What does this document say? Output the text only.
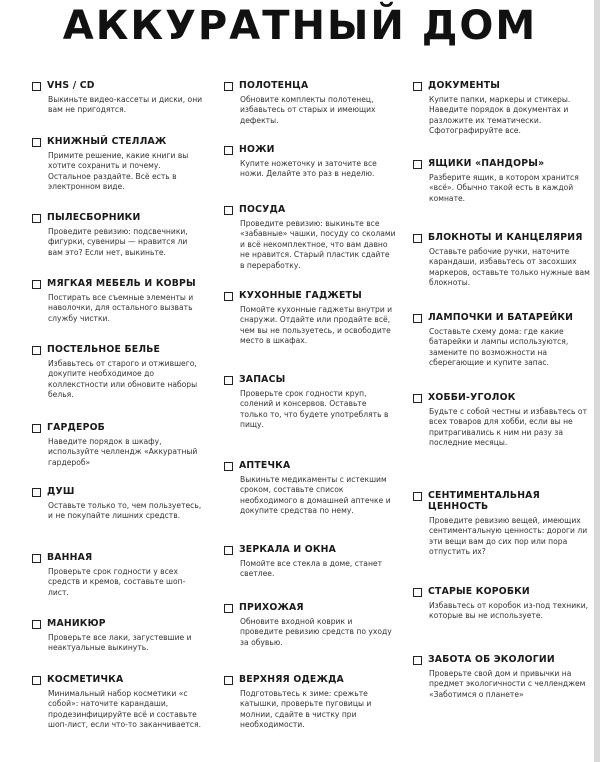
АККУРАТНЫЙ ДОМ
VHS / CD
Выкиньте видео-кассеты и диски, они вам не пригодятся.
КНИЖНЫЙ СТЕЛЛАЖ
Примите решение, какие книги вы хотите сохранить и почему. Остальное раздайте. Всё есть в электронном виде.
ПЫЛЕСБОРНИКИ
Проведите ревизию: подсвечники, фигурки, сувениры — нравится ли вам это? Если нет, выкиньте.
МЯГКАЯ МЕБЕЛЬ И КОВРЫ
Постирать все съемные элементы и наволочки, для остального вызвать службу чистки.
ПОСТЕЛЬНОЕ БЕЛЬЕ
Избавьтесь от старого и отжившего, докупите необходимое до коллекстности или обновите наборы белья.
ГАРДЕРОБ
Наведите порядок в шкафу, используйте челлендж «Аккуратный гардероб»
ДУШ
Оставьте только то, чем пользуетесь, и не покупайте лишних средств.
ВАННАЯ
Проверьте срок годности у всех средств и кремов, составьте шоп-лист.
МАНИКЮР
Проверьте все лаки, загустевшие и неактуальные выкинуть.
КОСМЕТИЧКА
Минимальный набор косметики «с собой»: наточите карандаши, продезинфицируйте всё и составьте шоп-лист, если что-то заканчивается.
ПОЛОТЕНЦА
Обновите комплекты полотенец, избавьтесь от старых и имеющих дефекты.
НОЖИ
Купите ножеточку и заточите все ножи. Делайте это раз в неделю.
ПОСУДА
Проведите ревизию: выкиньте все «забавные» чашки, посуду со сколами и всё некомплектное, что вам давно не нравится. Старый пластик сдайте в переработку.
КУХОННЫЕ ГАДЖЕТЫ
Помойте кухонные гаджеты внутри и снаружи. Отдайте или продайте всё, чем вы не пользуетесь, и освободите место в шкафах.
ЗАПАСЫ
Проверьте срок годности круп, солений и консервов. Оставьте только то, что будете употреблять в пищу.
АПТЕЧКА
Выкиньте медикаменты с истекшим сроком, составьте список необходимого в домашней аптечке и докупите средства по нему.
ЗЕРКАЛА И ОКНА
Помойте все стекла в доме, станет светлее.
ПРИХОЖАЯ
Обновите входной коврик и проведите ревизию средств по уходу за обувью.
ВЕРХНЯЯ ОДЕЖДА
Подготовьтесь к зиме: срежьте катышки, проверьте пуговицы и молнии, сдайте в чистку при необходимости.
ДОКУМЕНТЫ
Купите папки, маркеры и стикеры. Наведите порядок в документах и разложите их тематически. Сфотографируйте все.
ЯЩИКИ «ПАНДОРЫ»
Разберите ящик, в котором хранится «всё». Обычно такой есть в каждой комнате.
БЛОКНОТЫ И КАНЦЕЛЯРИЯ
Оставьте рабочие ручки, наточите карандаши, избавьтесь от засохших маркеров, оставьте только нужные вам блокноты.
ЛАМПОЧКИ И БАТАРЕЙКИ
Составьте схему дома: где какие батарейки и лампы используются, замените по возможности на сберегающие и купите запас.
ХОББИ-УГОЛОК
Будьте с собой честны и избавьтесь от всех товаров для хобби, если вы не притрагивались к ним ни разу за последние месяцы.
СЕНТИМЕНТАЛЬНАЯ ЦЕННОСТЬ
Проведите ревизию вещей, имеющих сентиментальную ценность: дороги ли эти вещи вам до сих пор или пора отпустить их?
СТАРЫЕ КОРОБКИ
Избавьтесь от коробок из-под техники, которые вы не используете.
ЗАБОТА ОБ ЭКОЛОГИИ
Проверьте свой дом и привычки на предмет экологичности с челленджем «Заботимся о планете»
